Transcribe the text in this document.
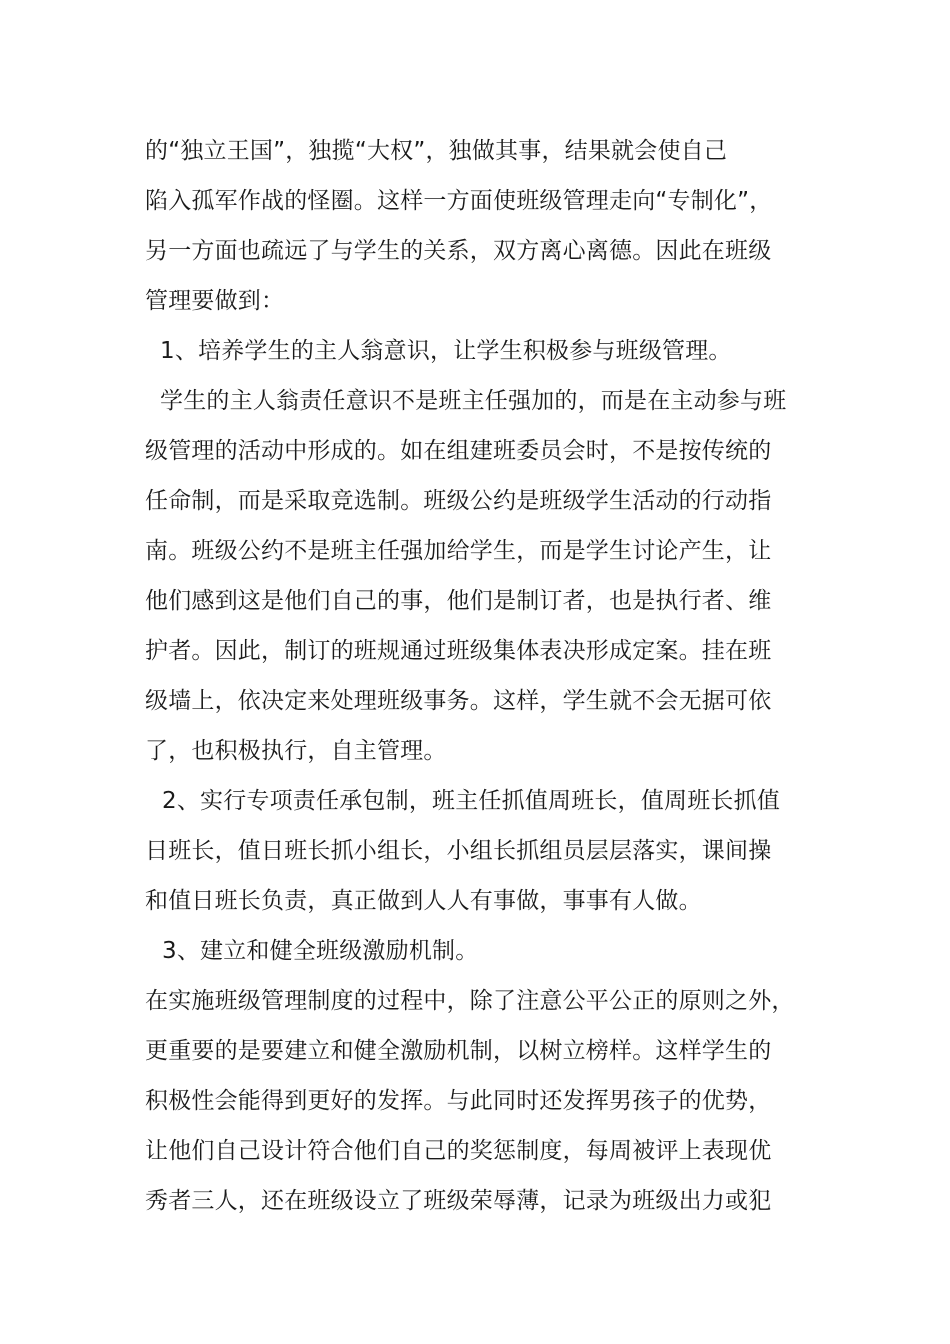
的“独立王国”，独揽“大权”，独做其事，结果就会使自己
陷入孤军作战的怪圈。这样一方面使班级管理走向“专制化”，
另一方面也疏远了与学生的关系，双方离心离德。因此在班级
管理要做到：
1、培养学生的主人翁意识，让学生积极参与班级管理。
学生的主人翁责任意识不是班主任强加的，而是在主动参与班
级管理的活动中形成的。如在组建班委员会时，不是按传统的
任命制，而是采取竞选制。班级公约是班级学生活动的行动指
南。班级公约不是班主任强加给学生，而是学生讨论产生，让
他们感到这是他们自己的事，他们是制订者，也是执行者、维
护者。因此，制订的班规通过班级集体表决形成定案。挂在班
级墙上，依决定来处理班级事务。这样，学生就不会无据可依
了，也积极执行，自主管理。
2、实行专项责任承包制，班主任抓值周班长，值周班长抓值
日班长，值日班长抓小组长，小组长抓组员层层落实，课间操
和值日班长负责，真正做到人人有事做，事事有人做。
3、建立和健全班级激励机制。
在实施班级管理制度的过程中，除了注意公平公正的原则之外，
更重要的是要建立和健全激励机制，以树立榜样。这样学生的
积极性会能得到更好的发挥。与此同时还发挥男孩子的优势，
让他们自己设计符合他们自己的奖惩制度，每周被评上表现优
秀者三人，还在班级设立了班级荣辱薄，记录为班级出力或犯
